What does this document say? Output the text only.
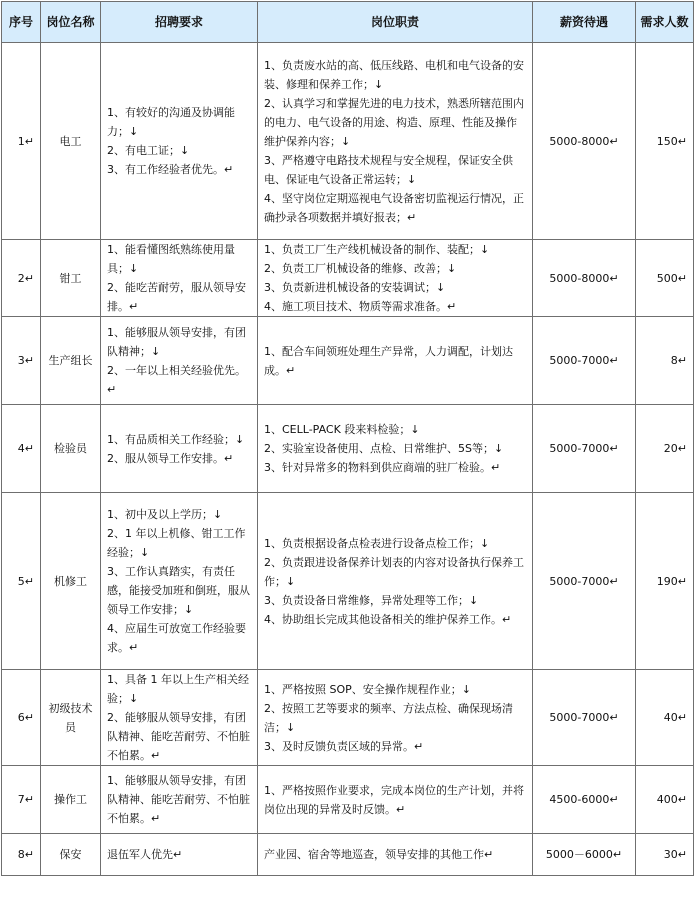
序号	岗位名称	招聘要求	岗位职责	薪资待遇	需求人数
1↵	电工	1、有较好的沟通及协调能力；↓
2、有电工证；↓
3、有工作经验者优先。↵	1、负责废水站的高、低压线路、电机和电气设备的安装、修理和保养工作；↓
2、认真学习和掌握先进的电力技术，熟悉所辖范围内的电力、电气设备的用途、构造、原理、性能及操作维护保养内容；↓
3、严格遵守电路技术规程与安全规程，保证安全供电、保证电气设备正常运转；↓
4、坚守岗位定期巡视电气设备密切监视运行情况，正确抄录各项数据并填好报表；↵	5000-8000↵	150↵
2↵	钳工	1、能看懂图纸熟练使用量具；↓
2、能吃苦耐劳，服从领导安排。↵	1、负责工厂生产线机械设备的制作、装配；↓
2、负责工厂机械设备的维修、改善；↓
3、负责新进机械设备的安装调试；↓
4、施工项目技术、物质等需求准备。↵	5000-8000↵	500↵
3↵	生产组长	1、能够服从领导安排，有团队精神；↓
2、一年以上相关经验优先。↵	1、配合车间领班处理生产异常，人力调配，计划达成。↵	5000-7000↵	8↵
4↵	检验员	1、有品质相关工作经验；↓
2、服从领导工作安排。↵	1、CELL-PACK 段来料检验；↓
2、实验室设备使用、点检、日常维护、5S等；↓
3、针对异常多的物料到供应商端的驻厂检验。↵	5000-7000↵	20↵
5↵	机修工	1、初中及以上学历；↓
2、1 年以上机修、钳工工作经验；↓
3、工作认真踏实，有责任感，能接受加班和倒班，服从领导工作安排；↓
4、应届生可放宽工作经验要求。↵	1、负责根据设备点检表进行设备点检工作；↓
2、负责跟进设备保养计划表的内容对设备执行保养工作；↓
3、负责设备日常维修，异常处理等工作；↓
4、协助组长完成其他设备相关的维护保养工作。↵	5000-7000↵	190↵
6↵	初级技术员	1、具备 1 年以上生产相关经验；↓
2、能够服从领导安排，有团队精神、能吃苦耐劳、不怕脏不怕累。↵	1、严格按照 SOP、安全操作规程作业；↓
2、按照工艺等要求的频率、方法点检、确保现场清洁；↓
3、及时反馈负责区域的异常。↵	5000-7000↵	40↵
7↵	操作工	1、能够服从领导安排，有团队精神、能吃苦耐劳、不怕脏不怕累。↵	1、严格按照作业要求，完成本岗位的生产计划，并将岗位出现的异常及时反馈。↵	4500-6000↵	400↵
8↵	保安	退伍军人优先↵	产业园、宿舍等地巡查，领导安排的其他工作↵	5000－6000↵	30↵
